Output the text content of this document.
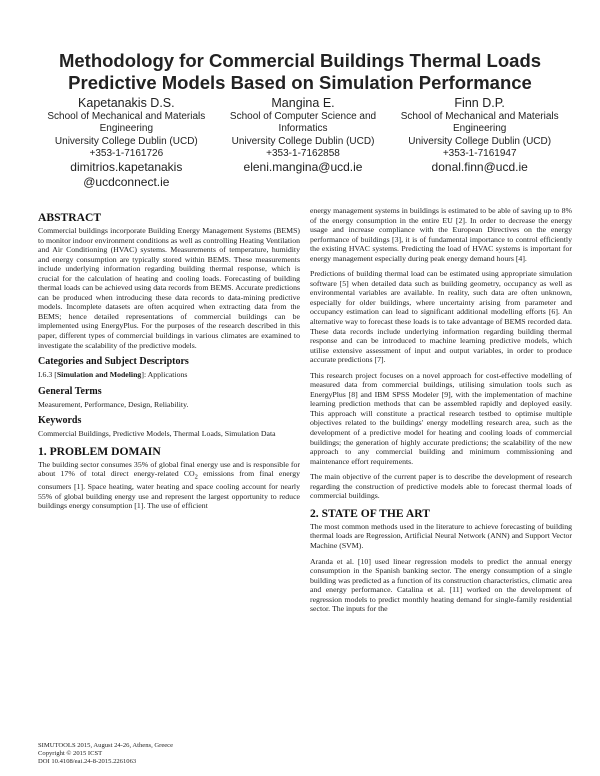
Methodology for Commercial Buildings Thermal Loads
Predictive Models Based on Simulation Performance
Kapetanakis D.S.
School of Mechanical and Materials
Engineering
University College Dublin (UCD)
+353-1-7161726
dimitrios.kapetanakis
@ucdconnect.ie
Mangina E.
School of Computer Science and
Informatics
University College Dublin (UCD)
+353-1-7162858
eleni.mangina@ucd.ie
Finn D.P.
School of Mechanical and Materials
Engineering
University College Dublin (UCD)
+353-1-7161947
donal.finn@ucd.ie
ABSTRACT

Commercial buildings incorporate Building Energy Management Systems (BEMS) to monitor indoor environment conditions as well as controlling Heating Ventilation and Air Conditioning (HVAC) systems. Measurements of temperature, humidity and energy consumption are typically stored within BEMS. These measurements include underlying information regarding building thermal response, which is crucial for the calculation of heating and cooling loads. Forecasting of building thermal loads can be achieved using data records from BEMS. Accurate predictions can be produced when introducing these data records to data-mining predictive models. Incomplete datasets are often acquired when extracting data from the BEMS; hence detailed representations of commercial buildings can be implemented using EnergyPlus. For the purposes of the research described in this paper, different types of commercial buildings in various climates are examined to investigate the scalability of the predictive models.

Categories and Subject Descriptors

I.6.3 [Simulation and Modeling]: Applications

General Terms

Measurement, Performance, Design, Reliability.

Keywords

Commercial Buildings, Predictive Models, Thermal Loads, Simulation Data

1. PROBLEM DOMAIN

The building sector consumes 35% of global final energy use and is responsible for about 17% of total direct energy-related $CO_2$ emissions from final energy consumers [1]. Space heating, water heating and space cooling account for nearly 55% of global building energy use and represent the largest opportunity to reduce buildings energy consumption [1]. The use of efficient

energy management systems in buildings is estimated to be able of saving up to 8% of the energy consumption in the entire EU [2]. In order to decrease the energy usage and increase compliance with the European Directives on the energy performance of buildings [3], it is of fundamental importance to control efficiently the existing HVAC systems. Predicting the load of HVAC systems is important for energy management especially during peak energy demand hours [4].

Predictions of building thermal load can be estimated using appropriate simulation software [5] when detailed data such as building geometry, occupancy as well as environmental variables are available. In reality, such data are often unknown, especially for older buildings, where uncertainty arising from parameter and occupancy estimation can lead to significant additional modelling efforts [6]. An alternative way to forecast these loads is to take advantage of BEMS recorded data. These data records include underlying information regarding building thermal response and can be introduced to machine learning predictive models, which utilise extensive assessment of input and output variables, in order to produce accurate predictions [7].

This research project focuses on a novel approach for cost-effective modelling of measured data from commercial buildings, utilising simulation tools such as EnergyPlus [8] and IBM SPSS Modeler [9], with the implementation of machine learning prediction methods that can be assembled rapidly and deployed easily. This approach will constitute a practical research testbed to optimise multiple objectives related to the buildings' energy modelling research area, such as the development of a predictive model for heating and cooling loads of commercial buildings; the generation of highly accurate predictions; the scalability of the new approach to any commercial building and minimum commissioning and maintenance effort requirements.

The main objective of the current paper is to describe the development of research regarding the construction of predictive models able to forecast thermal loads of commercial buildings.

2. STATE OF THE ART

The most common methods used in the literature to achieve forecasting of building thermal loads are Regression, Artificial Neural Network (ANN) and Support Vector Machine (SVM).

Aranda et al. [10] used linear regression models to predict the annual energy consumption in the Spanish banking sector. The energy consumption of a single building was predicted as a function of its construction characteristics, climatic area and energy performance. Catalina et al. [11] worked on the development of regression models to predict monthly heating demand for single-family residential sector. The inputs for the

SIMUTOOLS 2015, August 24-26, Athens, Greece
Copyright © 2015 ICST
DOI 10.4108/eai.24-8-2015.2261063
